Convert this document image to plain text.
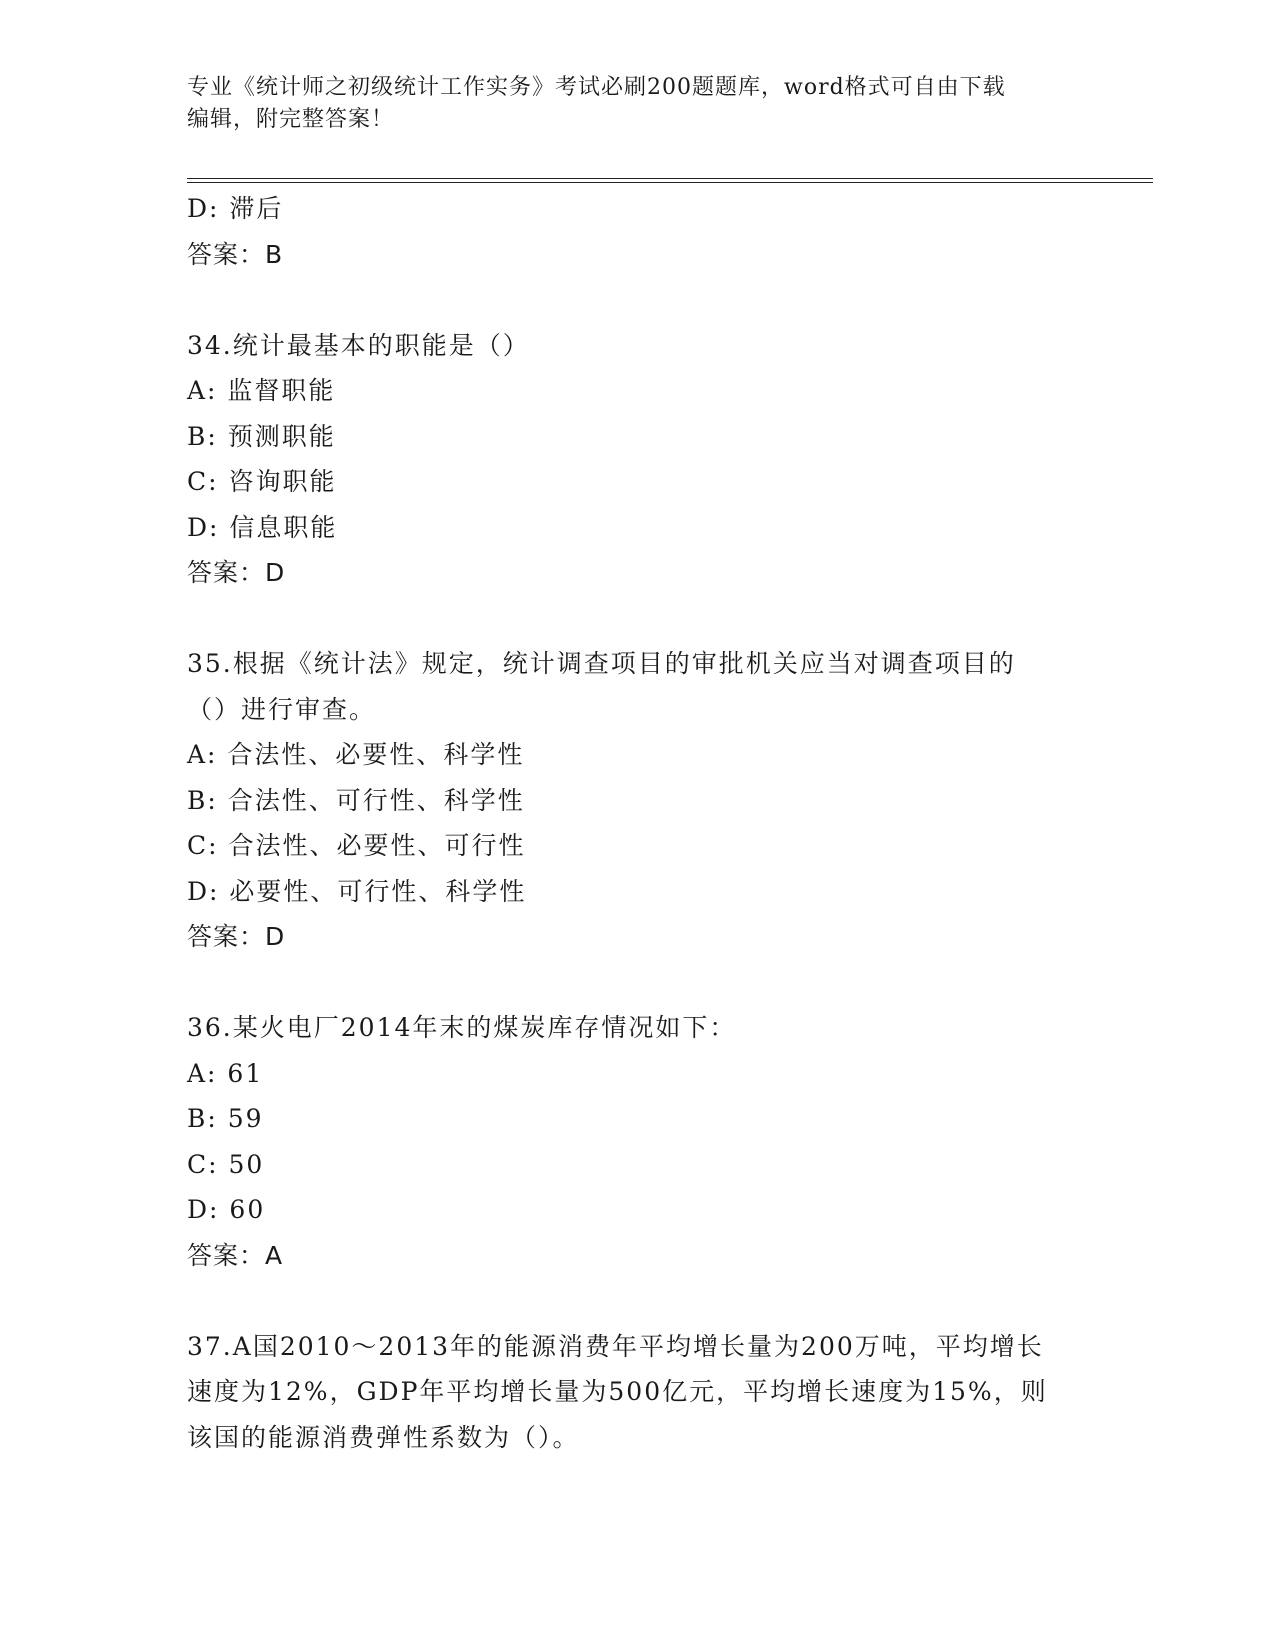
专业《统计师之初级统计工作实务》考试必刷200题题库，word格式可自由下载
编辑，附完整答案！
D: 滞后
答案：B
34.统计最基本的职能是（）
A: 监督职能
B: 预测职能
C: 咨询职能
D: 信息职能
答案：D
35.根据《统计法》规定，统计调查项目的审批机关应当对调查项目的
（）进行审查。
A: 合法性、必要性、科学性
B: 合法性、可行性、科学性
C: 合法性、必要性、可行性
D: 必要性、可行性、科学性
答案：D
36.某火电厂2014年末的煤炭库存情况如下：
A: 61
B: 59
C: 50
D: 60
答案：A
37.A国2010～2013年的能源消费年平均增长量为200万吨，平均增长
速度为12%，GDP年平均增长量为500亿元，平均增长速度为15%，则
该国的能源消费弹性系数为（）。
